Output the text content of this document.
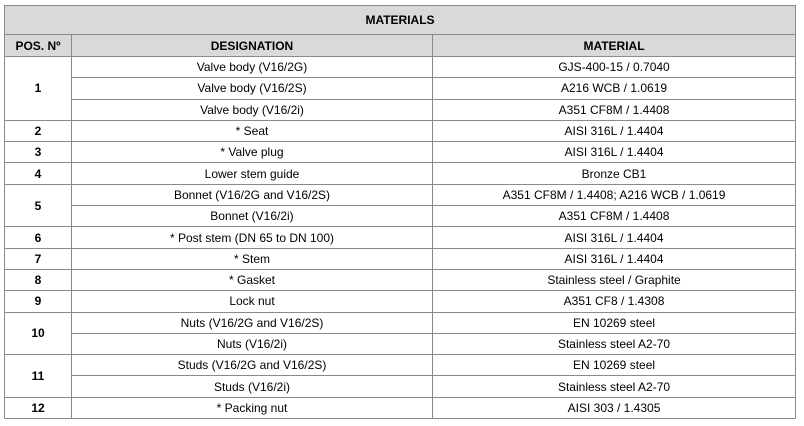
MATERIALS		
POS. Nº	DESIGNATION	MATERIAL
1	Valve body (V16/2G)	GJS-400-15 / 0.7040
	Valve body (V16/2S)	A216 WCB / 1.0619
	Valve body (V16/2i)	A351 CF8M / 1.4408
2	* Seat	AISI 316L / 1.4404
3	* Valve plug	AISI 316L / 1.4404
4	Lower stem guide	Bronze CB1
5	Bonnet (V16/2G and V16/2S)	A351 CF8M / 1.4408; A216 WCB / 1.0619
	Bonnet (V16/2i)	A351 CF8M / 1.4408
6	* Post stem (DN 65 to DN 100)	AISI 316L / 1.4404
7	* Stem	AISI 316L / 1.4404
8	* Gasket	Stainless steel / Graphite
9	Lock nut	A351 CF8 / 1.4308
10	Nuts (V16/2G and V16/2S)	EN 10269 steel
	Nuts (V16/2i)	Stainless steel A2-70
11	Studs (V16/2G and V16/2S)	EN 10269 steel
	Studs (V16/2i)	Stainless steel A2-70
12	* Packing nut	AISI 303 / 1.4305
